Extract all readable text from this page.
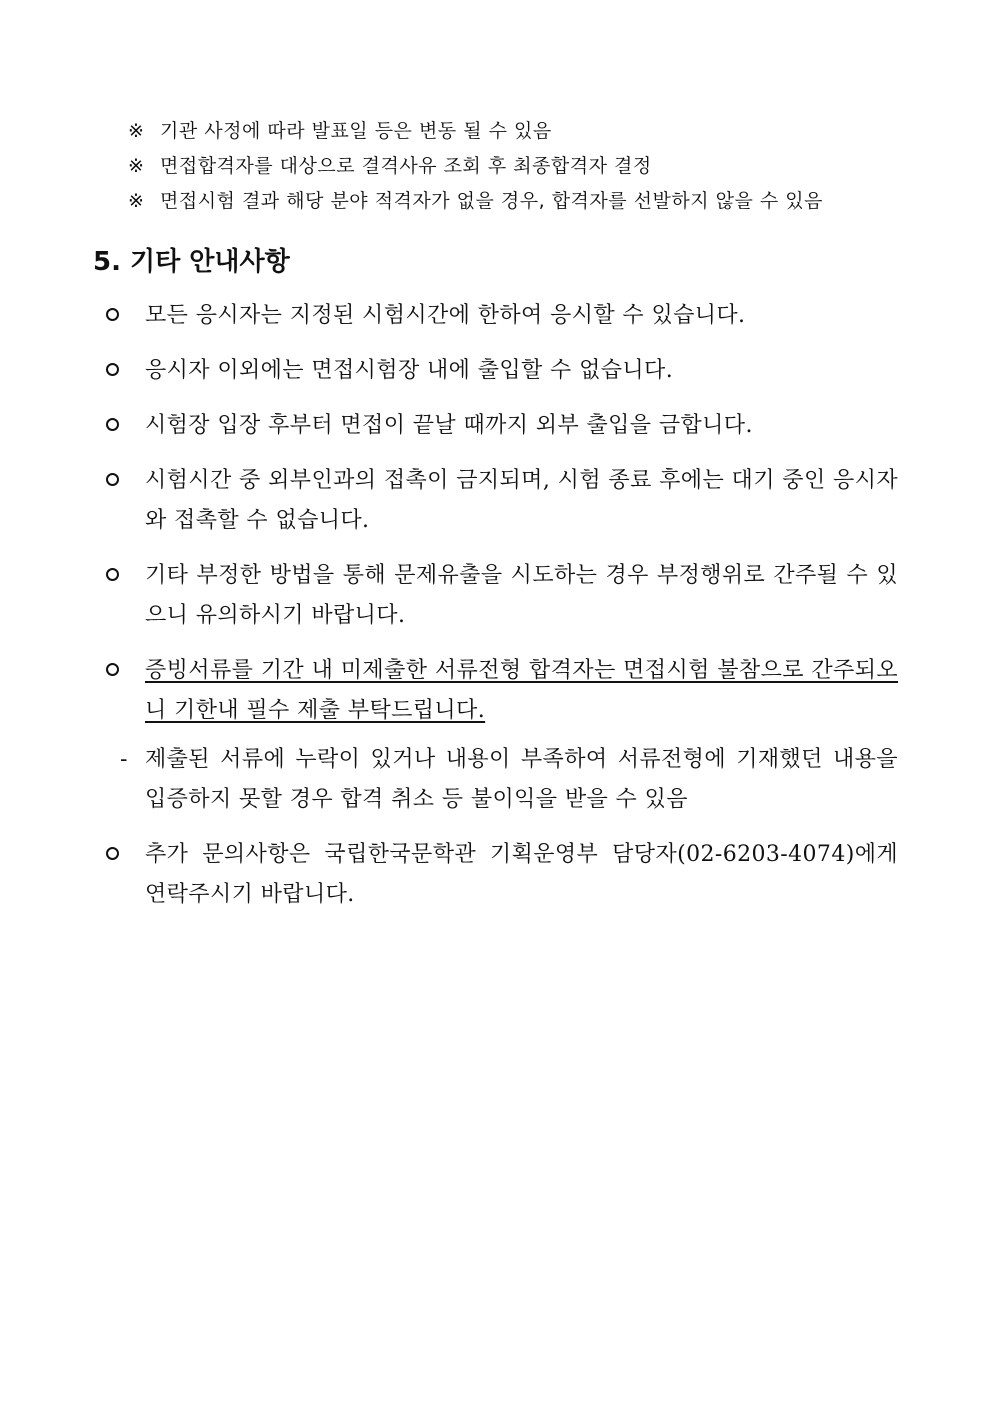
※ 기관 사정에 따라 발표일 등은 변동 될 수 있음
※ 면접합격자를 대상으로 결격사유 조회 후 최종합격자 결정
※ 면접시험 결과 해당 분야 적격자가 없을 경우, 합격자를 선발하지 않을 수 있음
5. 기타 안내사항
모든 응시자는 지정된 시험시간에 한하여 응시할 수 있습니다.
응시자 이외에는 면접시험장 내에 출입할 수 없습니다.
시험장 입장 후부터 면접이 끝날 때까지 외부 출입을 금합니다.
시험시간 중 외부인과의 접촉이 금지되며, 시험 종료 후에는 대기 중인 응시자와 접촉할 수 없습니다.
기타 부정한 방법을 통해 문제유출을 시도하는 경우 부정행위로 간주될 수 있으니 유의하시기 바랍니다.
증빙서류를 기간 내 미제출한 서류전형 합격자는 면접시험 불참으로 간주되오니 기한내 필수 제출 부탁드립니다.
- 제출된 서류에 누락이 있거나 내용이 부족하여 서류전형에 기재했던 내용을 입증하지 못할 경우 합격 취소 등 불이익을 받을 수 있음
추가 문의사항은 국립한국문학관 기획운영부 담당자(02-6203-4074)에게 연락주시기 바랍니다.
